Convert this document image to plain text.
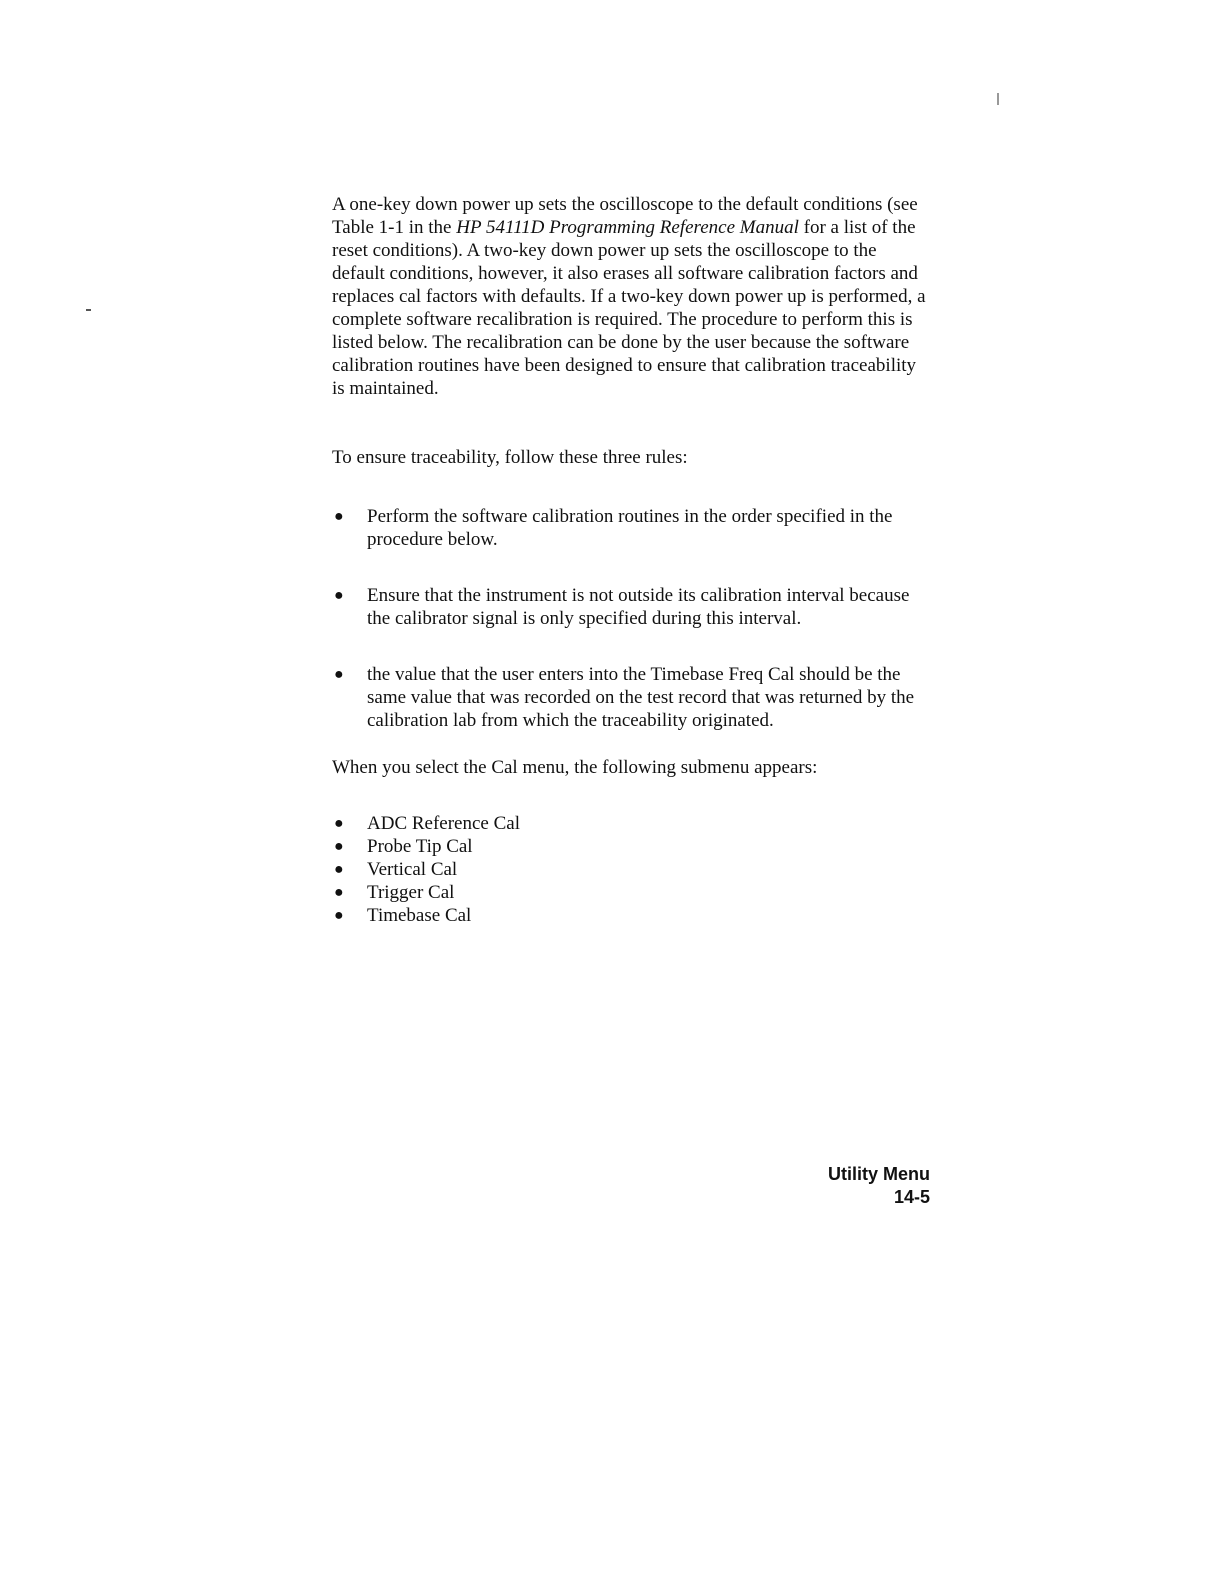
A one-key down power up sets the oscilloscope to the default conditions (see Table 1-1 in the HP 54111D Programming Reference Manual for a list of the reset conditions). A two-key down power up sets the oscilloscope to the default conditions, however, it also erases all software calibration factors and replaces cal factors with defaults. If a two-key down power up is performed, a complete software recalibration is required. The procedure to perform this is listed below. The recalibration can be done by the user because the software calibration routines have been designed to ensure that calibration traceability is maintained.

To ensure traceability, follow these three rules:

● Perform the software calibration routines in the order specified in the procedure below.
● Ensure that the instrument is not outside its calibration interval because the calibrator signal is only specified during this interval.
● the value that the user enters into the Timebase Freq Cal should be the same value that was recorded on the test record that was returned by the calibration lab from which the traceability originated.

When you select the Cal menu, the following submenu appears:

● ADC Reference Cal
● Probe Tip Cal
● Vertical Cal
● Trigger Cal
● Timebase Cal
Utility Menu
14-5
